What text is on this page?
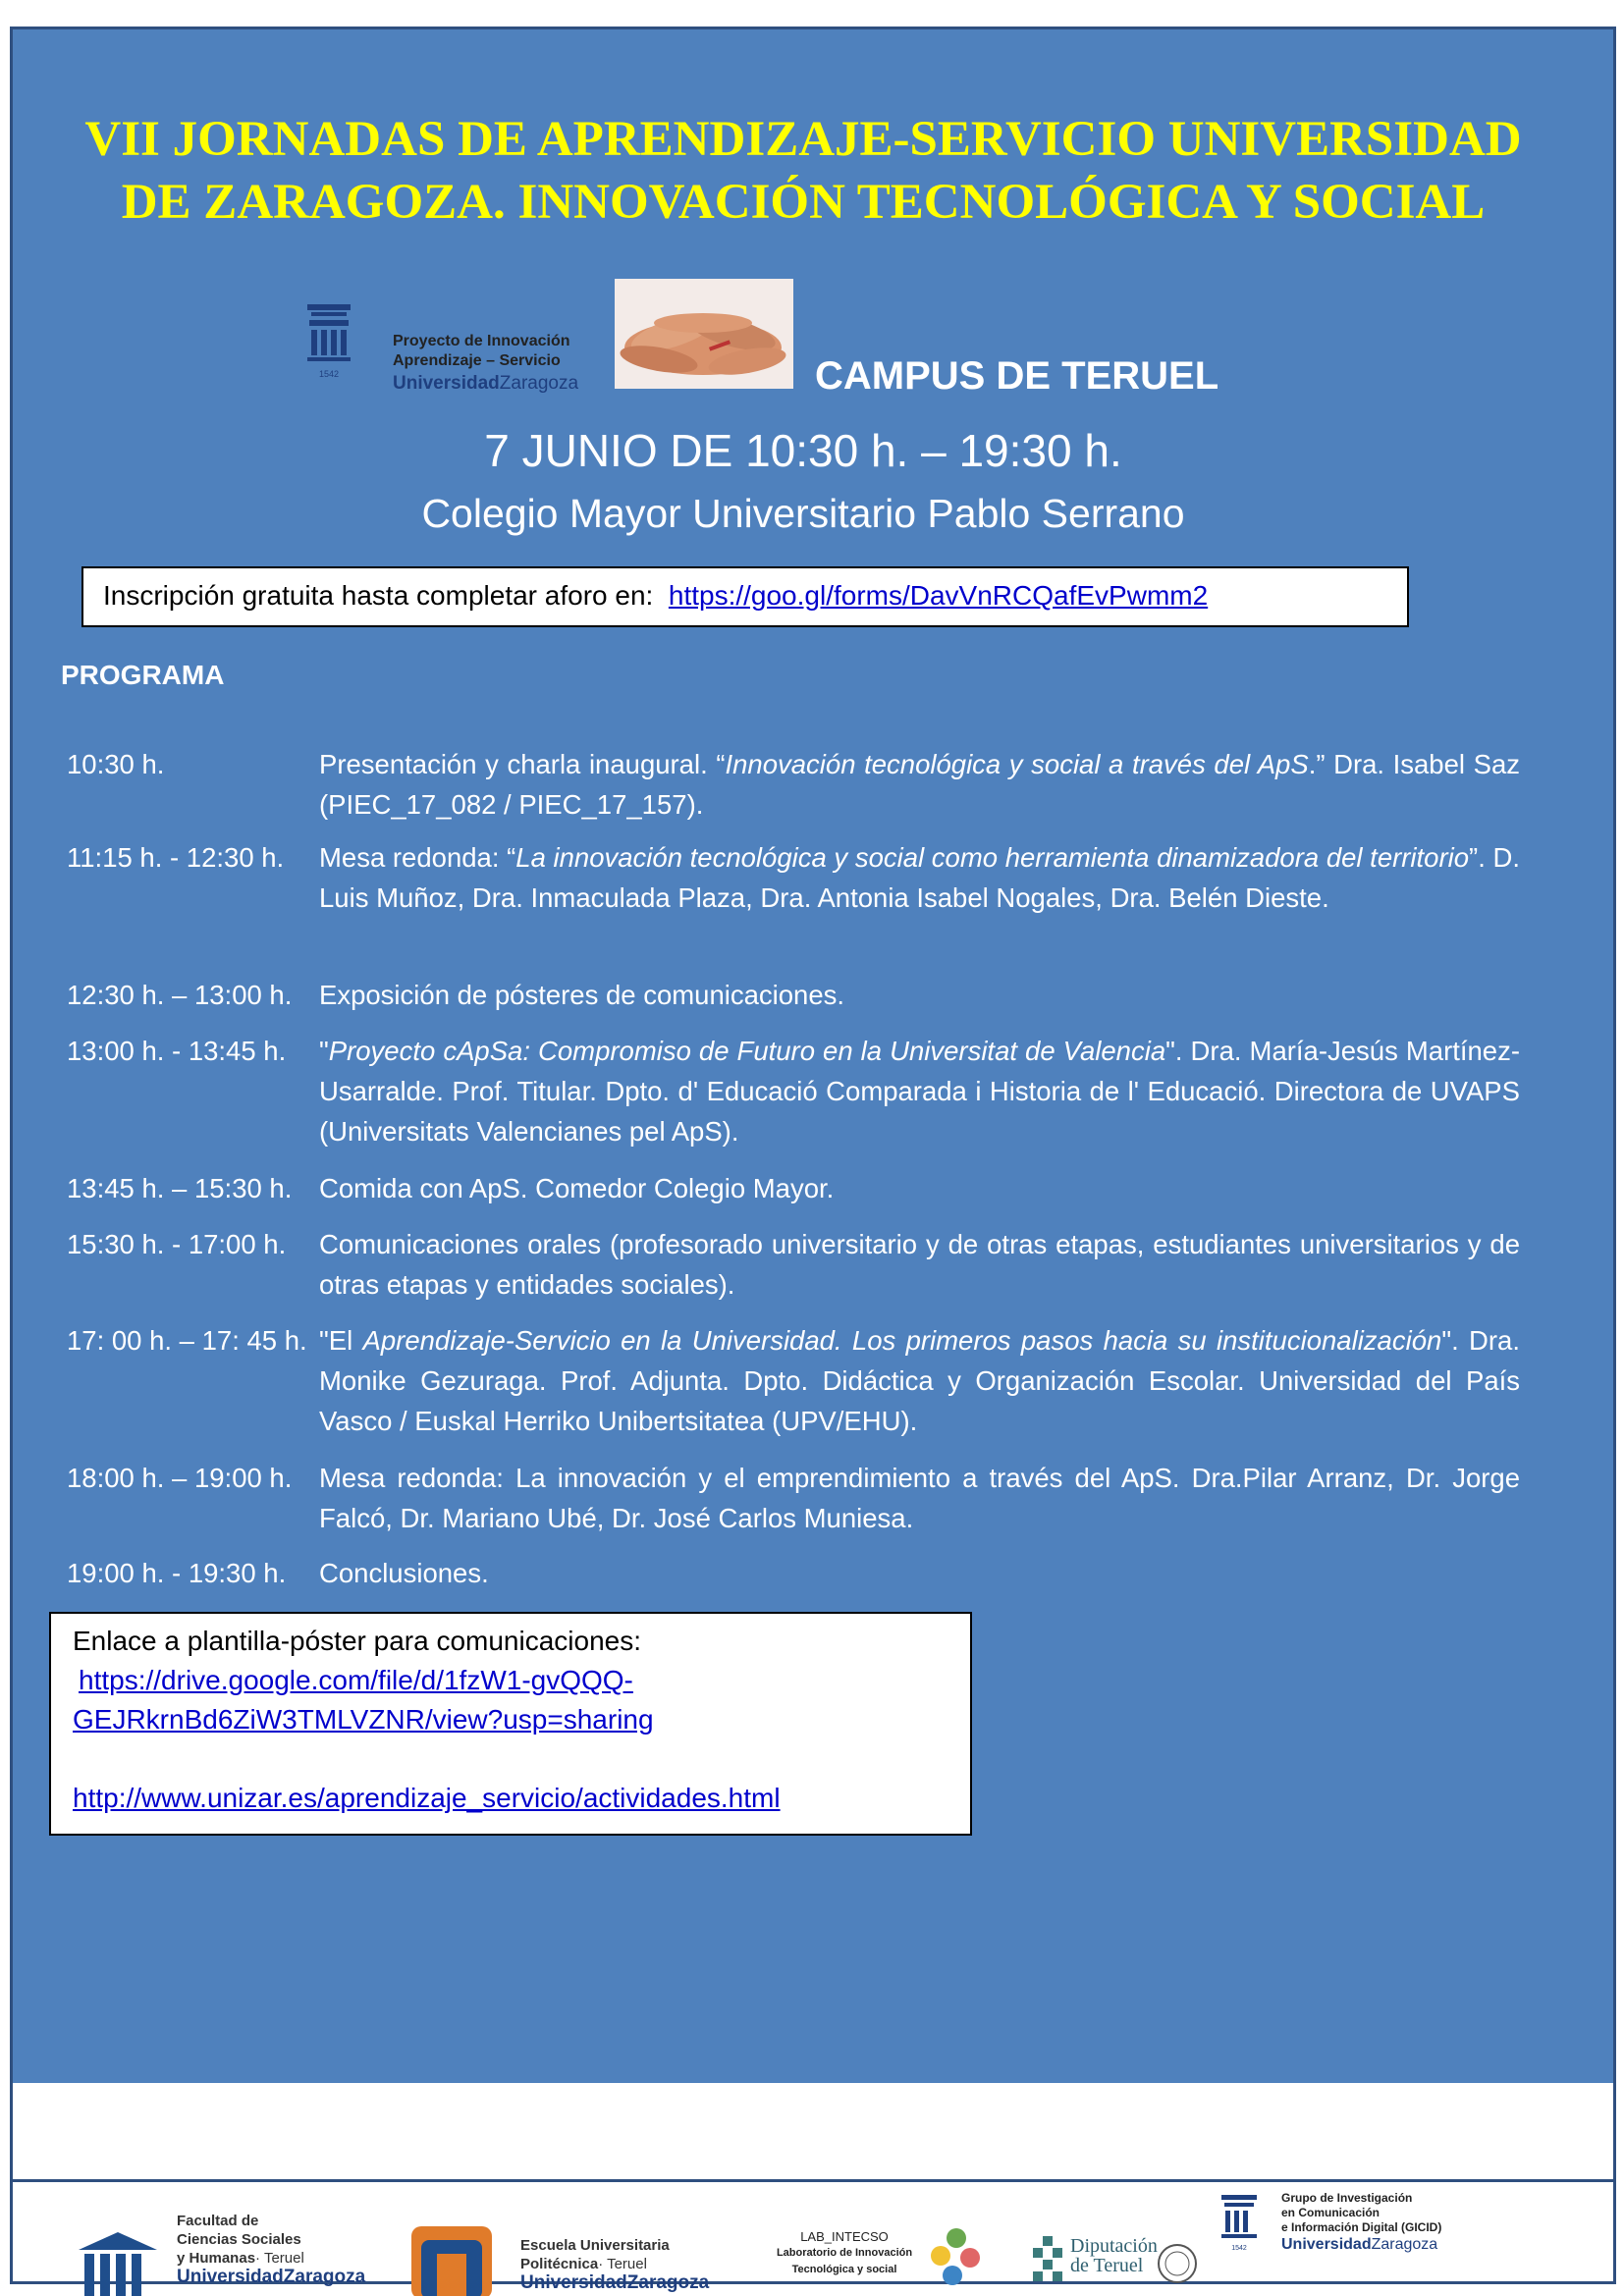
VII JORNADAS DE APRENDIZAJE-SERVICIO UNIVERSIDAD
DE ZARAGOZA. INNOVACIÓN TECNOLÓGICA Y SOCIAL
1542
Proyecto de Innovación
Aprendizaje – Servicio
UniversidadZaragoza	CAMPUS DE TERUEL
7 JUNIO DE 10:30 h. – 19:30 h.
Colegio Mayor Universitario Pablo Serrano
Inscripción gratuita hasta completar aforo en: https://goo.gl/forms/DavVnRCQafEvPwmm2
PROGRAMA
10:30 h.	Presentación y charla inaugural. “Innovación tecnológica y social a través del ApS.” Dra. Isabel Saz (PIEC_17_082 / PIEC_17_157).
11:15 h. - 12:30 h. Mesa redonda: “La innovación tecnológica y social como herramienta dinamizadora del territorio”. D. Luis Muñoz, Dra. Inmaculada Plaza, Dra. Antonia Isabel Nogales, Dra. Belén Dieste.
12:30 h. – 13:00 h. Exposición de pósteres de comunicaciones.
13:00 h. - 13:45 h. "Proyecto cApSa: Compromiso de Futuro en la Universitat de Valencia". Dra. María-Jesús Martínez-Usarralde. Prof. Titular. Dpto. d' Educació Comparada i Historia de l' Educació. Directora de UVAPS (Universitats Valencianes pel ApS).
13:45 h. – 15:30 h. Comida con ApS. Comedor Colegio Mayor.
15:30 h. - 17:00 h. Comunicaciones orales (profesorado universitario y de otras etapas, estudiantes universitarios y de otras etapas y entidades sociales).
17: 00 h. – 17: 45 h. "El Aprendizaje-Servicio en la Universidad. Los primeros pasos hacia su institucionalización". Dra. Monike Gezuraga. Prof. Adjunta. Dpto. Didáctica y Organización Escolar. Universidad del País Vasco / Euskal Herriko Unibertsitatea (UPV/EHU).
18:00 h. – 19:00 h. Mesa redonda: La innovación y el emprendimiento a través del ApS. Dra.Pilar Arranz, Dr. Jorge Falcó, Dr. Mariano Ubé, Dr. José Carlos Muniesa.
19:00 h. - 19:30 h. Conclusiones.
Enlace a plantilla-póster para comunicaciones:
https://drive.google.com/file/d/1fzW1-gvQQQ-
GEJRkrnBd6ZiW3TMLVZNR/view?usp=sharing
http://www.unizar.es/aprendizaje_servicio/actividades.html
Facultad de
Ciencias Sociales
y Humanas· Teruel
UniversidadZaragoza
Escuela Universitaria
Politécnica· Teruel
UniversidadZaragoza
LAB_INTECSO
Laboratorio de Innovación
Tecnológica y social
Diputación
de Teruel
1542
Grupo de Investigación
en Comunicación
e Información Digital (GICID)
UniversidadZaragoza
